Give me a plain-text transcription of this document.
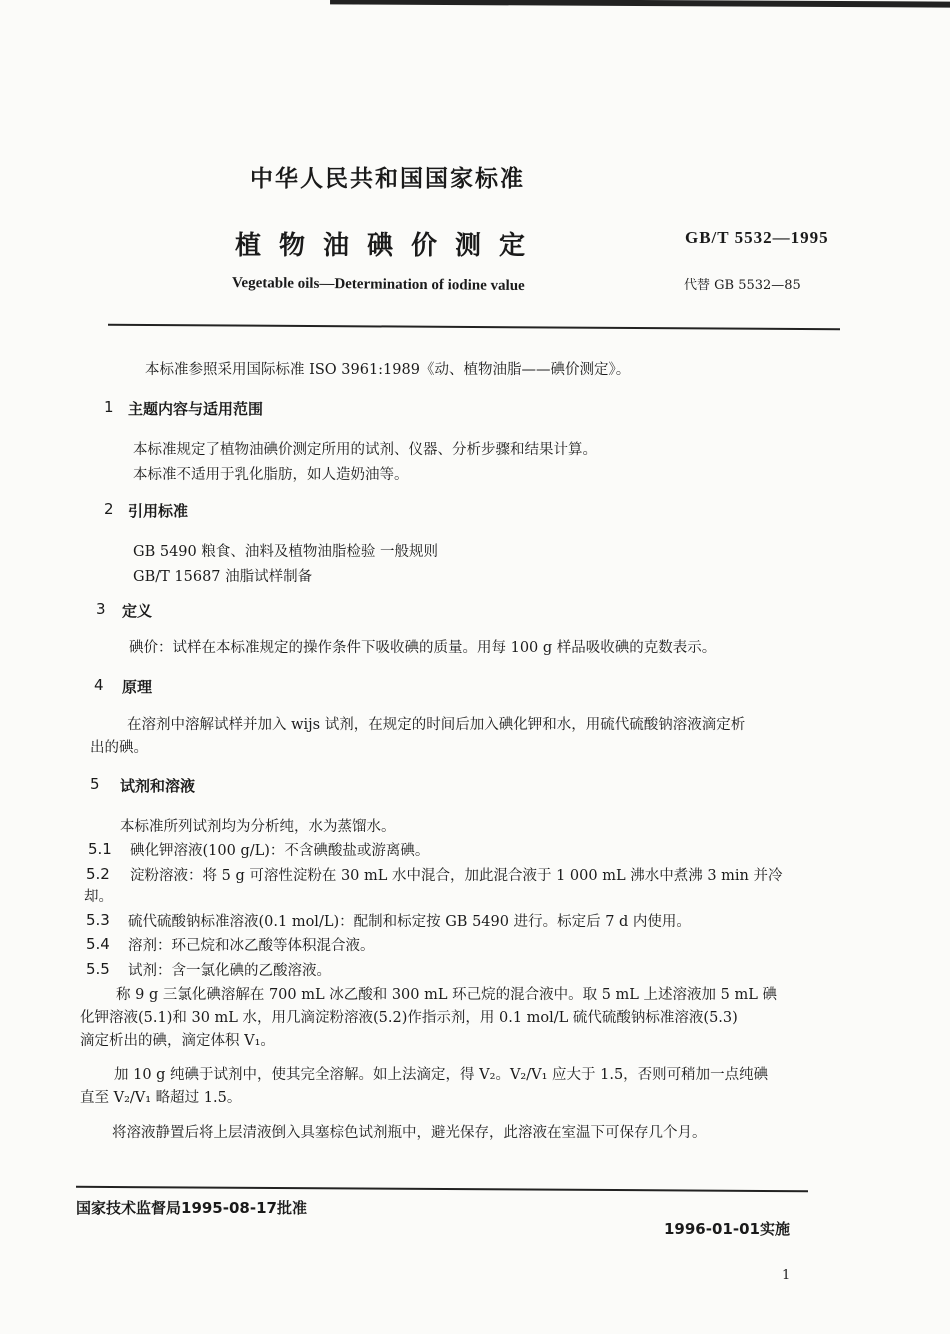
中华人民共和国国家标准
植物油碘价测定
Vegetable oils—Determination of iodine value
GB/T 5532—1995
代替 GB 5532—85
本标准参照采用国际标准 ISO 3961:1989《动、植物油脂——碘价测定》。
1 主题内容与适用范围
本标准规定了植物油碘价测定所用的试剂、仪器、分析步骤和结果计算。
本标准不适用于乳化脂肪，如人造奶油等。
2 引用标准
GB 5490 粮食、油料及植物油脂检验 一般规则
GB/T 15687 油脂试样制备
3 定义
碘价：试样在本标准规定的操作条件下吸收碘的质量。用每 100 g 样品吸收碘的克数表示。
4 原理
在溶剂中溶解试样并加入 wijs 试剂，在规定的时间后加入碘化钾和水，用硫代硫酸钠溶液滴定析
出的碘。
5 试剂和溶液
本标准所列试剂均为分析纯，水为蒸馏水。
5.1 碘化钾溶液(100 g/L)：不含碘酸盐或游离碘。
5.2 淀粉溶液：将 5 g 可溶性淀粉在 30 mL 水中混合，加此混合液于 1 000 mL 沸水中煮沸 3 min 并冷
却。
5.3 硫代硫酸钠标准溶液(0.1 mol/L)：配制和标定按 GB 5490 进行。标定后 7 d 内使用。
5.4 溶剂：环己烷和冰乙酸等体积混合液。
5.5 试剂：含一氯化碘的乙酸溶液。
称 9 g 三氯化碘溶解在 700 mL 冰乙酸和 300 mL 环己烷的混合液中。取 5 mL 上述溶液加 5 mL 碘
化钾溶液(5.1)和 30 mL 水，用几滴淀粉溶液(5.2)作指示剂，用 0.1 mol/L 硫代硫酸钠标准溶液(5.3)
滴定析出的碘，滴定体积 V₁。
加 10 g 纯碘于试剂中，使其完全溶解。如上法滴定，得 V₂。V₂/V₁ 应大于 1.5，否则可稍加一点纯碘
直至 V₂/V₁ 略超过 1.5。
将溶液静置后将上层清液倒入具塞棕色试剂瓶中，避光保存，此溶液在室温下可保存几个月。
国家技术监督局1995-08-17批准
1996-01-01实施
1
